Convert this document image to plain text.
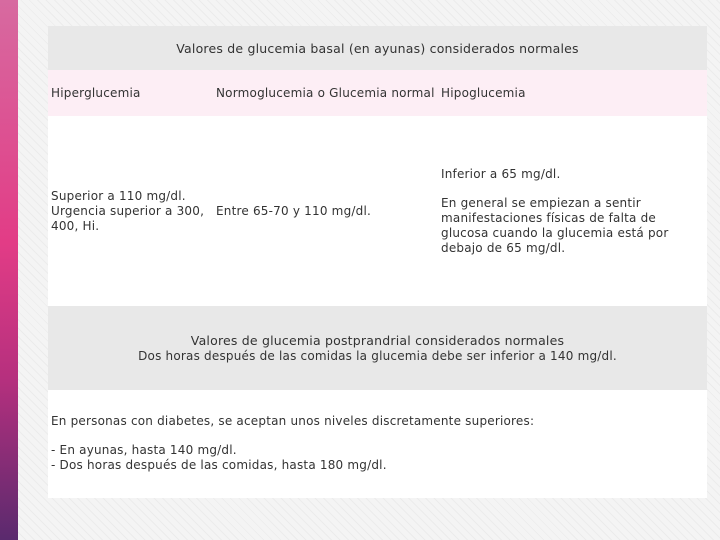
Valores de glucemia basal (en ayunas) considerados normales
Hiperglucemia	Normoglucemia o Glucemia normal Hipoglucemia
Superior a 110 mg/dl. Urgencia superior a 300, 400, Hi.
Entre 65-70 y 110 mg/dl.
Inferior a 65 mg/dl.
En general se empiezan a sentir manifestaciones físicas de falta de glucosa cuando la glucemia está por debajo de 65 mg/dl.
Valores de glucemia postprandrial considerados normales
Dos horas después de las comidas la glucemia debe ser inferior a 140 mg/dl.
En personas con diabetes, se aceptan unos niveles discretamente superiores:
- En ayunas, hasta 140 mg/dl.
- Dos horas después de las comidas, hasta 180 mg/dl.
